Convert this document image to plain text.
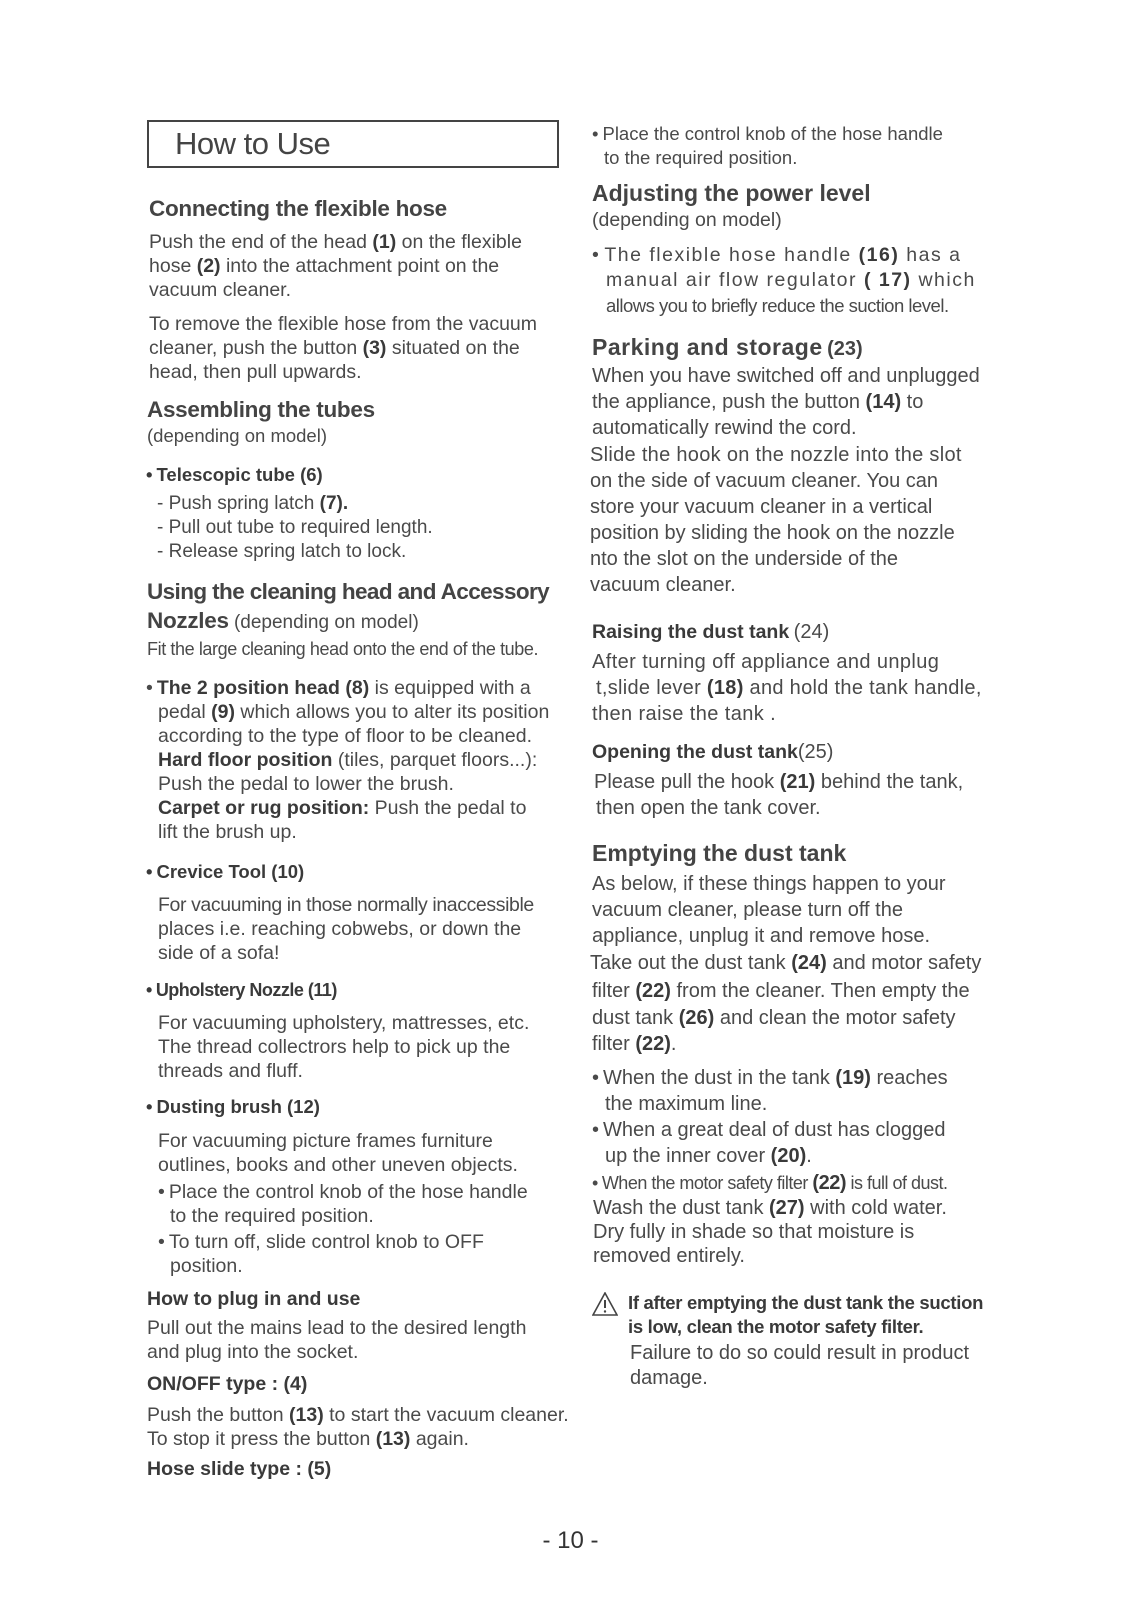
How to Use
Connecting the flexible hose
Push the end of the head (1) on the flexible
hose (2) into the attachment point on the
vacuum cleaner.
To remove the flexible hose from the vacuum
cleaner, push the button (3) situated on the
head, then pull upwards.
Assembling the tubes
(depending on model)
• Telescopic tube (6)
- Push spring latch (7).
- Pull out tube to required length.
- Release spring latch to lock.
Using the cleaning head and Accessory
Nozzles (depending on model)
Fit the large cleaning head onto the end of the tube.
• The 2 position head (8) is equipped with a
pedal (9) which allows you to alter its position
according to the type of floor to be cleaned.
Hard floor position (tiles, parquet floors...):
Push the pedal to lower the brush.
Carpet or rug position: Push the pedal to
lift the brush up.
• Crevice Tool (10)
For vacuuming in those normally inaccessible
places i.e. reaching cobwebs, or down the
side of a sofa!
• Upholstery Nozzle (11)
For vacuuming upholstery, mattresses, etc.
The thread collectrors help to pick up the
threads and fluff.
• Dusting brush (12)
For vacuuming picture frames furniture
outlines, books and other uneven objects.
• Place the control knob of the hose handle
to the required position.
• To turn off, slide control knob to OFF
position.
How to plug in and use
Pull out the mains lead to the desired length
and plug into the socket.
ON/OFF type : (4)
Push the button (13) to start the vacuum cleaner.
To stop it press the button (13) again.
Hose slide type : (5)
• Place the control knob of the hose handle
to the required position.
Adjusting the power level
(depending on model)
• The flexible hose handle (16) has a
manual air flow regulator ( 17) which
allows you to briefly reduce the suction level.
Parking and storage (23)
When you have switched off and unplugged
the appliance, push the button (14) to
automatically rewind the cord.
Slide the hook on the nozzle into the slot
on the side of vacuum cleaner. You can
store your vacuum cleaner in a vertical
position by sliding the hook on the nozzle
nto the slot on the underside of the
vacuum cleaner.
Raising the dust tank (24)
After turning off appliance and unplug
t,slide lever (18) and hold the tank handle,
then raise the tank .
Opening the dust tank(25)
Please pull the hook (21) behind the tank,
then open the tank cover.
Emptying the dust tank
As below, if these things happen to your
vacuum cleaner, please turn off the
appliance, unplug it and remove hose.
Take out the dust tank (24) and motor safety
filter (22) from the cleaner. Then empty the
dust tank (26) and clean the motor safety
filter (22).
• When the dust in the tank (19) reaches
the maximum line.
• When a great deal of dust has clogged
up the inner cover (20).
• When the motor safety filter (22) is full of dust.
Wash the dust tank (27) with cold water.
Dry fully in shade so that moisture is
removed entirely.
If after emptying the dust tank the suction
is low, clean the motor safety filter.
Failure to do so could result in product
damage.
- 10 -
